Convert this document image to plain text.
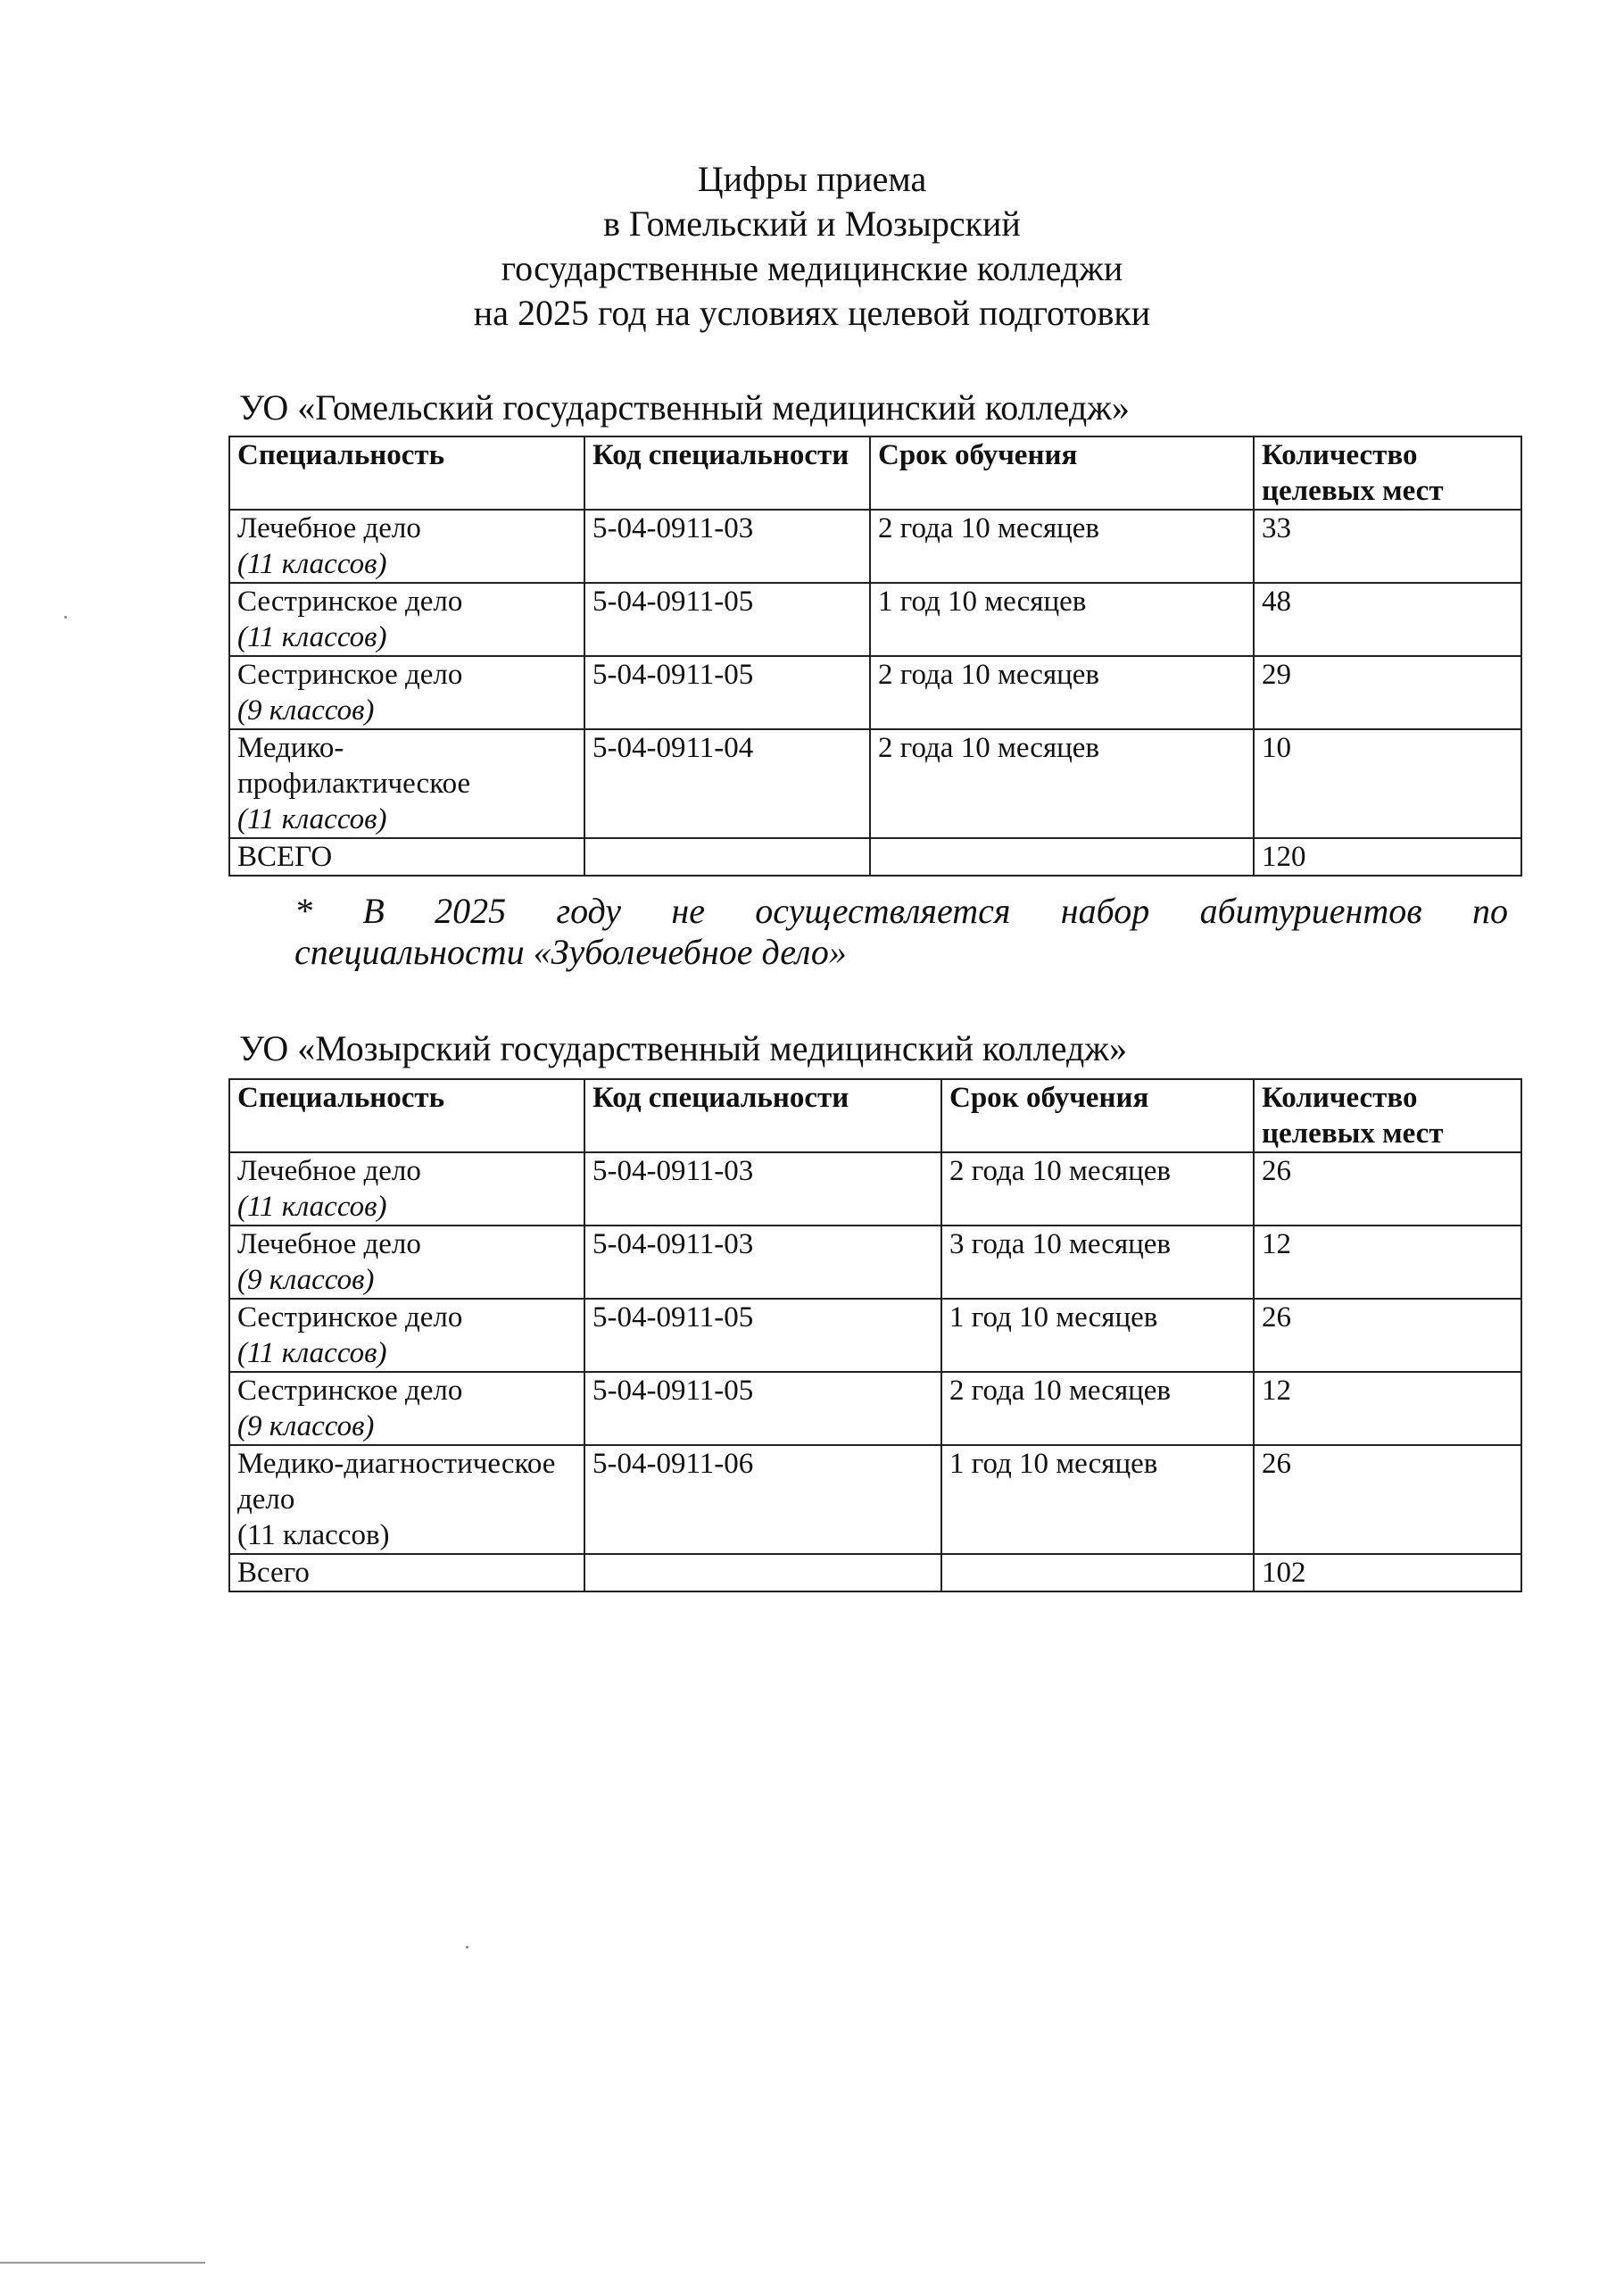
Цифры приема
в Гомельский и Мозырский
государственные медицинские колледжи
на 2025 год на условиях целевой подготовки
УО «Гомельский государственный медицинский колледж»
Специальность	Код специальности	Срок обучения	Количество целевых мест
Лечебное дело
(11 классов)	5-04-0911-03	2 года 10 месяцев	33
Сестринское дело
(11 классов)	5-04-0911-05	1 год 10 месяцев	48
Сестринское дело
(9 классов)	5-04-0911-05	2 года 10 месяцев	29
Медико-профилактическое
(11 классов)	5-04-0911-04	2 года 10 месяцев	10
ВСЕГО			120
* В 2025 году не осуществляется набор абитуриентов по
специальности «Зуболечебное дело»
УО «Мозырский государственный медицинский колледж»
Специальность	Код специальности	Срок обучения	Количество целевых мест
Лечебное дело
(11 классов)	5-04-0911-03	2 года 10 месяцев	26
Лечебное дело
(9 классов)	5-04-0911-03	3 года 10 месяцев	12
Сестринское дело
(11 классов)	5-04-0911-05	1 год 10 месяцев	26
Сестринское дело
(9 классов)	5-04-0911-05	2 года 10 месяцев	12
Медико-диагностическое дело
(11 классов)	5-04-0911-06	1 год 10 месяцев	26
Всего			102
